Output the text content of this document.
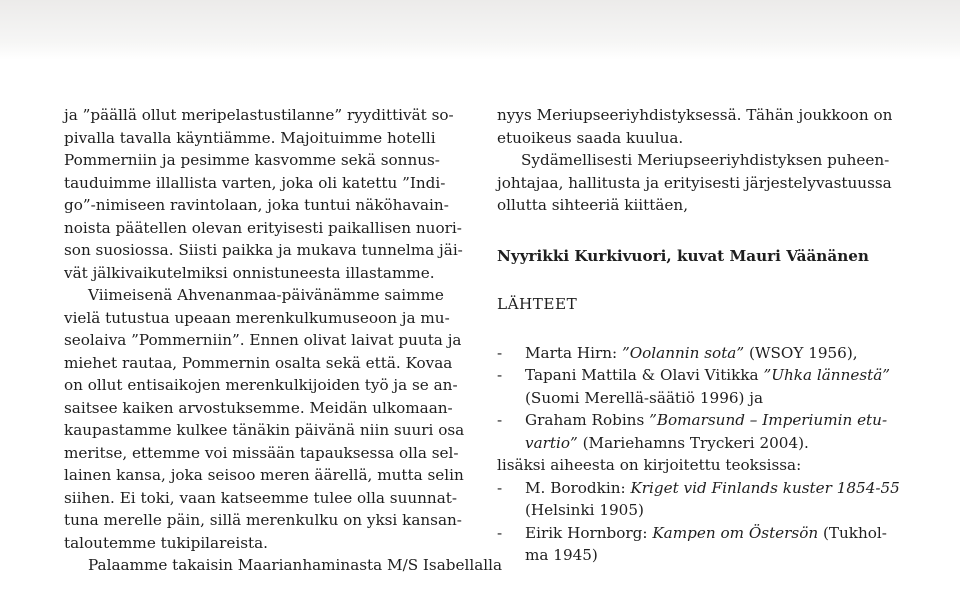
ja ”päällä ollut meripelastustilanne” ryydittivät so-
pivalla tavalla käyntiämme. Majoituimme hotelli
Pommerniin ja pesimme kasvomme sekä sonnus-
tauduimme illallista varten, joka oli katettu ”Indi-
go”-nimiseen ravintolaan, joka tuntui näköhavain-
noista päätellen olevan erityisesti paikallisen nuori-
son suosiossa. Siisti paikka ja mukava tunnelma jäi-
vät jälkivaikutelmiksi onnistuneesta illastamme.
Viimeisenä Ahvenanmaa-päivänämme saimme
vielä tutustua upeaan merenkulkumuseoon ja mu-
seolaiva ”Pommerniin”. Ennen olivat laivat puuta ja
miehet rautaa, Pommernin osalta sekä että. Kovaa
on ollut entisaikojen merenkulkijoiden työ ja se an-
saitsee kaiken arvostuksemme. Meidän ulkomaan-
kaupastamme kulkee tänäkin päivänä niin suuri osa
meritse, ettemme voi missään tapauksessa olla sel-
lainen kansa, joka seisoo meren äärellä, mutta selin
siihen. Ei toki, vaan katseemme tulee olla suunnat-
tuna merelle päin, sillä merenkulku on yksi kansan-
taloutemme tukipilareista.
Palaamme takaisin Maarianhaminasta M/S Isabellalla
nyys Meriupseeriyhdistyksessä. Tähän joukkoon on
etuoikeus saada kuulua.
Sydämellisesti Meriupseeriyhdistyksen puheen-
johtajaa, hallitusta ja erityisesti järjestelyvastuussa
ollutta sihteeriä kiittäen,
Nyyrikki Kurkivuori, kuvat Mauri Väänänen
LÄHTEET
- Marta Hirn: ”Oolannin sota” (WSOY 1956),
- Tapani Mattila & Olavi Vitikka ”Uhka lännestä”
(Suomi Merellä-säätiö 1996) ja
- Graham Robins ”Bomarsund – Imperiumin etu-
vartio” (Mariehamns Tryckeri 2004).
lisäksi aiheesta on kirjoitettu teoksissa:
- M. Borodkin: Kriget vid Finlands kuster 1854-55
(Helsinki 1905)
- Eirik Hornborg: Kampen om Östersön (Tukhol-
ma 1945)
